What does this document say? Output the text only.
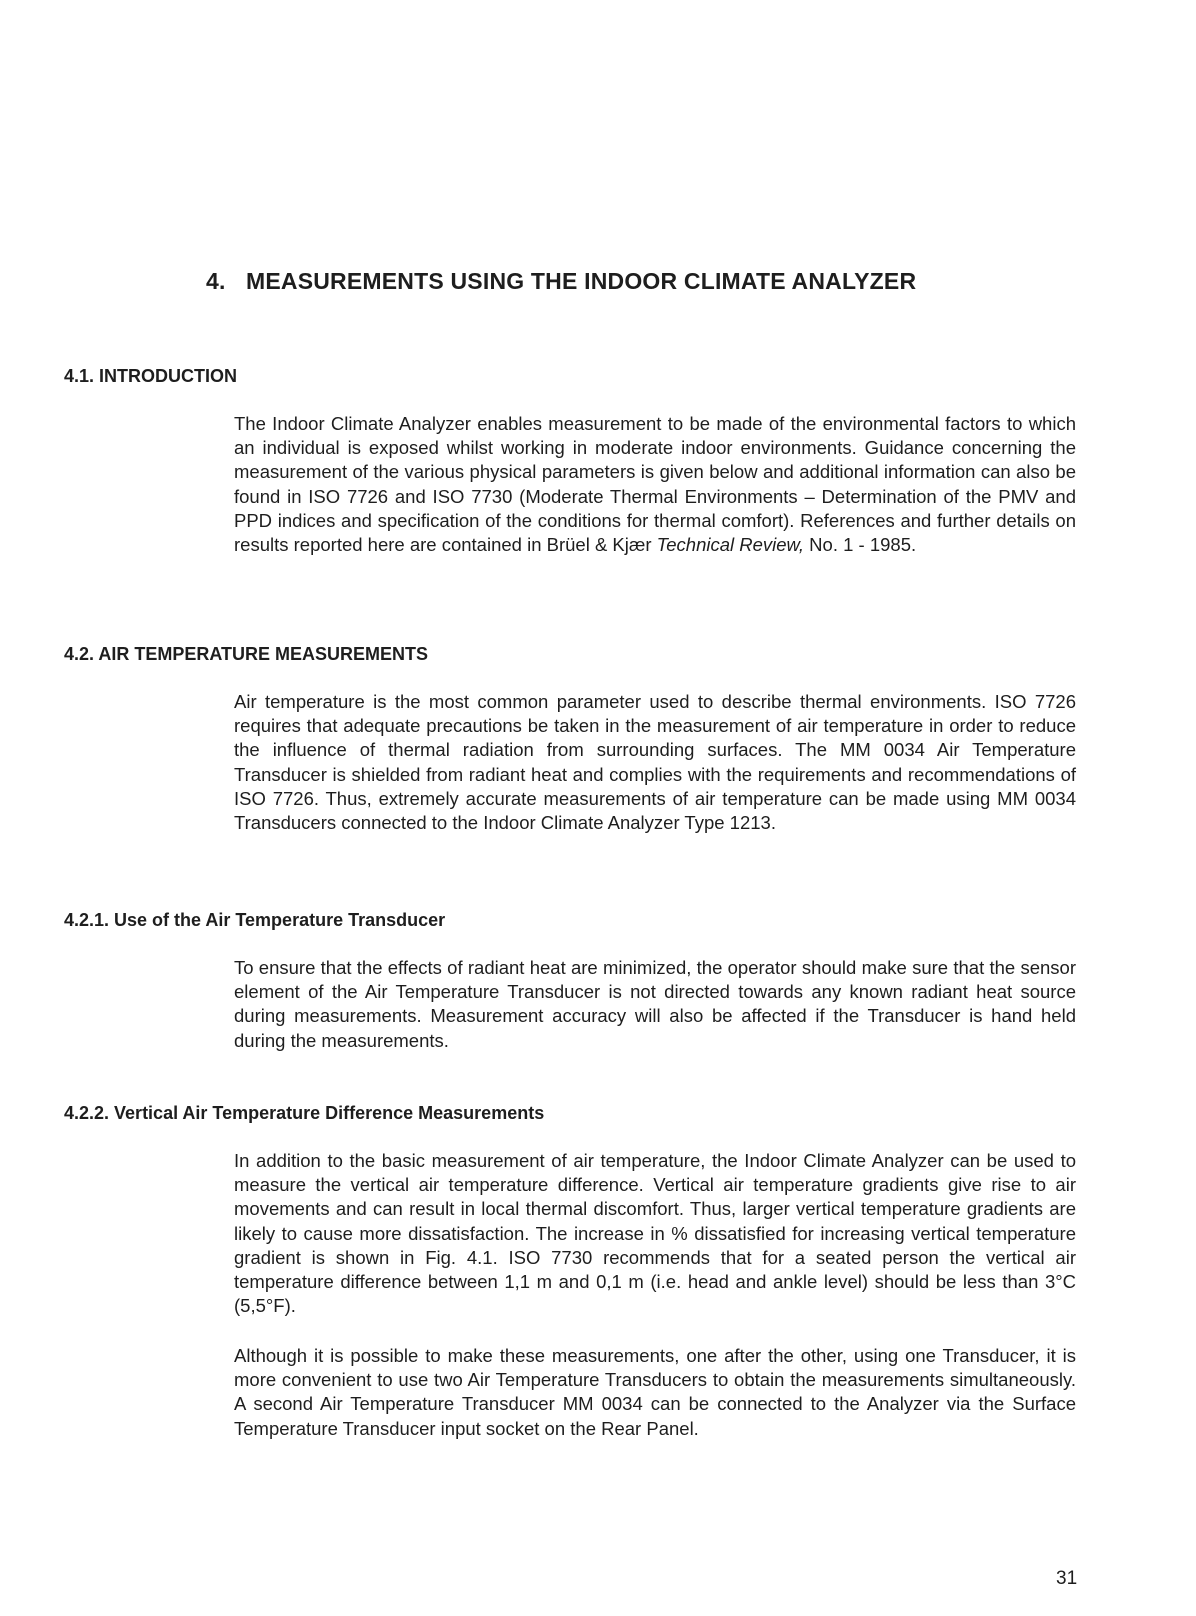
4. MEASUREMENTS USING THE INDOOR CLIMATE ANALYZER
4.1. INTRODUCTION

The Indoor Climate Analyzer enables measurement to be made of the environmental factors to which an individual is exposed whilst working in moderate indoor environments. Guidance concerning the measurement of the various physical parameters is given below and additional information can also be found in ISO 7726 and ISO 7730 (Moderate Thermal Environments – Determination of the PMV and PPD indices and specification of the conditions for thermal comfort). References and further details on results reported here are contained in Brüel & Kjær Technical Review, No. 1 - 1985.

4.2. AIR TEMPERATURE MEASUREMENTS

Air temperature is the most common parameter used to describe thermal environments. ISO 7726 requires that adequate precautions be taken in the measurement of air temperature in order to reduce the influence of thermal radiation from surrounding surfaces. The MM 0034 Air Temperature Transducer is shielded from radiant heat and complies with the requirements and recommendations of ISO 7726. Thus, extremely accurate measurements of air temperature can be made using MM 0034 Transducers connected to the Indoor Climate Analyzer Type 1213.

4.2.1. Use of the Air Temperature Transducer

To ensure that the effects of radiant heat are minimized, the operator should make sure that the sensor element of the Air Temperature Transducer is not directed towards any known radiant heat source during measurements. Measurement accuracy will also be affected if the Transducer is hand held during the measurements.

4.2.2. Vertical Air Temperature Difference Measurements

In addition to the basic measurement of air temperature, the Indoor Climate Analyzer can be used to measure the vertical air temperature difference. Vertical air temperature gradients give rise to air movements and can result in local thermal discomfort. Thus, larger vertical temperature gradients are likely to cause more dissatisfaction. The increase in % dissatisfied for increasing vertical temperature gradient is shown in Fig. 4.1. ISO 7730 recommends that for a seated person the vertical air temperature difference between 1,1 m and 0,1 m (i.e. head and ankle level) should be less than 3°C (5,5°F).

Although it is possible to make these measurements, one after the other, using one Transducer, it is more convenient to use two Air Temperature Transducers to obtain the measurements simultaneously. A second Air Temperature Transducer MM 0034 can be connected to the Analyzer via the Surface Temperature Transducer input socket on the Rear Panel.

31
